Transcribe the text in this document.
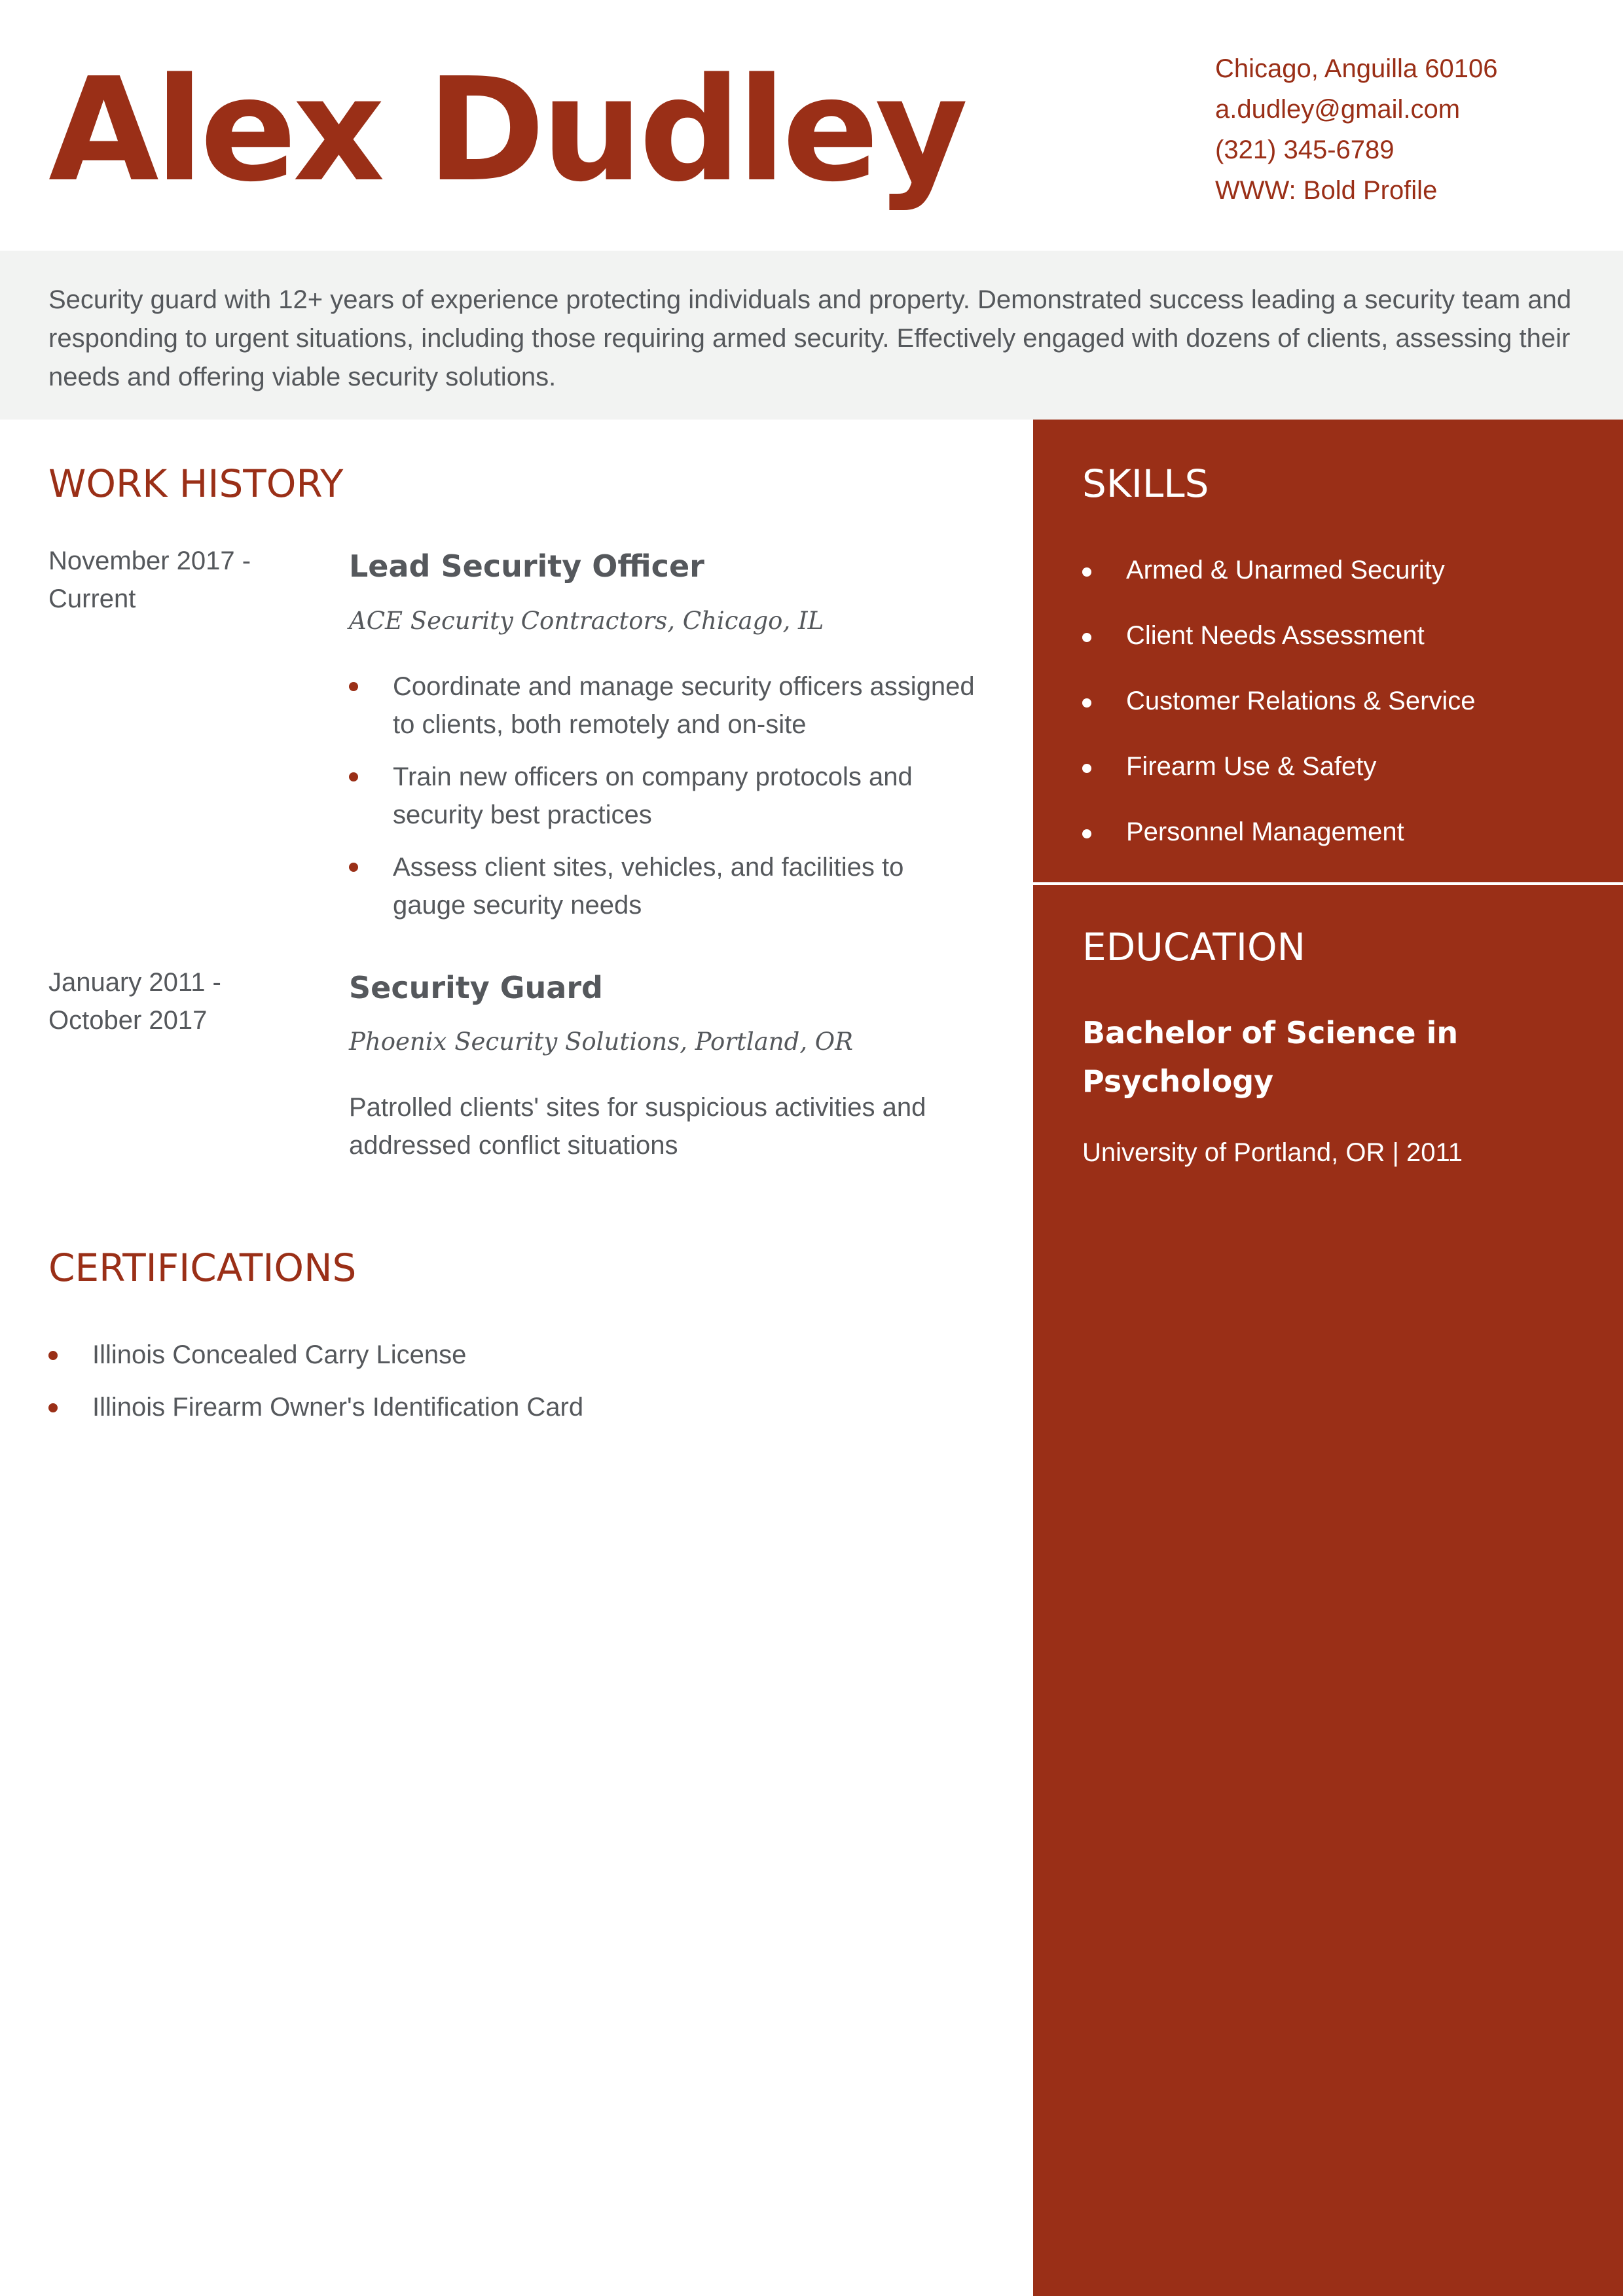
Alex Dudley	Chicago, Anguilla 60106
a.dudley@gmail.com
(321) 345-6789
WWW: Bold Profile

Security guard with 12+ years of experience protecting individuals and property. Demonstrated success leading a security team and responding to urgent situations, including those requiring armed security. Effectively engaged with dozens of clients, assessing their needs and offering viable security solutions.

WORK HISTORY
November 2017 -
Current
Lead Security Officer
ACE Security Contractors, Chicago, IL
Coordinate and manage security officers assigned to clients, both remotely and on-site
Train new officers on company protocols and security best practices
Assess client sites, vehicles, and facilities to gauge security needs
January 2011 -
October 2017
Security Guard
Phoenix Security Solutions, Portland, OR

Patrolled clients' sites for suspicious activities and addressed conflict situations

CERTIFICATIONS
Illinois Concealed Carry License
Illinois Firearm Owner's Identification Card
SKILLS
Armed & Unarmed Security
Client Needs Assessment
Customer Relations & Service
Firearm Use & Safety
Personnel Management
EDUCATION
Bachelor of Science in Psychology
University of Portland, OR | 2011
